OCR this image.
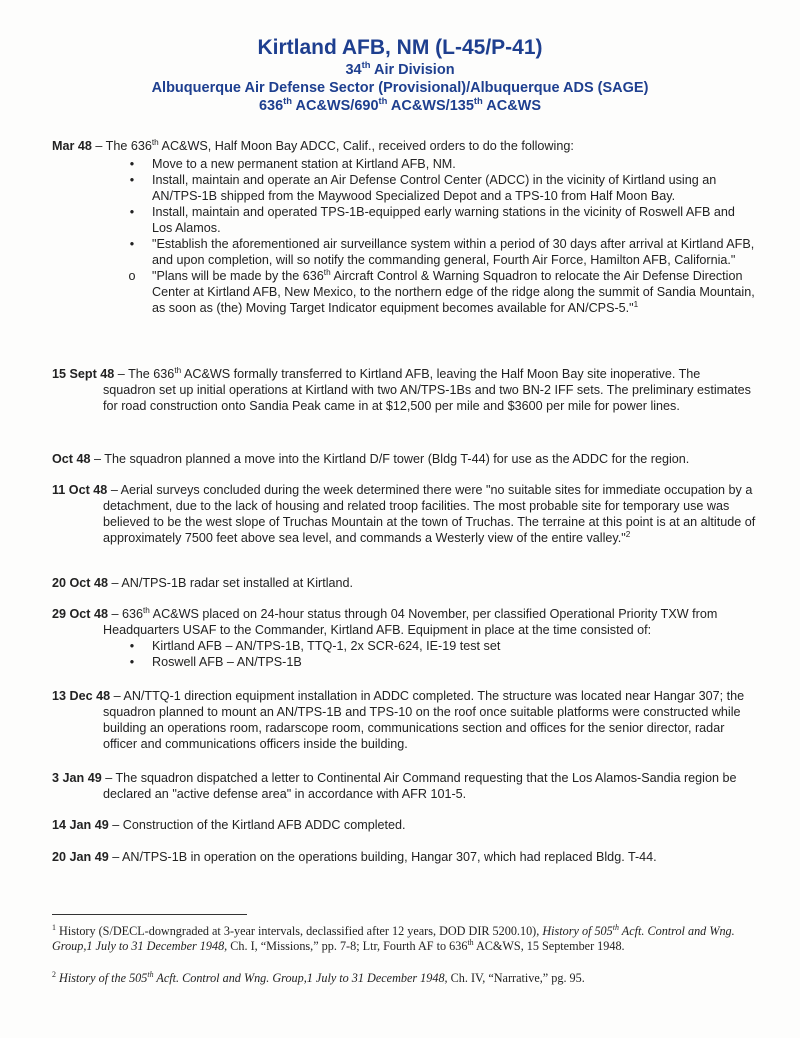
Kirtland AFB, NM (L-45/P-41)
34th Air Division
Albuquerque Air Defense Sector (Provisional)/Albuquerque ADS (SAGE)
636th AC&WS/690th AC&WS/135th AC&WS

Mar 48 – The 636th AC&WS, Half Moon Bay ADCC, Calif., received orders to do the following:

•	Move to a new permanent station at Kirtland AFB, NM.
•	Install, maintain and operate an Air Defense Control Center (ADCC) in the vicinity of Kirtland using an AN/TPS-1B shipped from the Maywood Specialized Depot and a TPS-10 from Half Moon Bay.
•	Install, maintain and operated TPS-1B-equipped early warning stations in the vicinity of Roswell AFB and Los Alamos.
•	"Establish the aforementioned air surveillance system within a period of 30 days after arrival at Kirtland AFB, and upon completion, will so notify the commanding general, Fourth Air Force, Hamilton AFB, California."
o "Plans will be made by the 636th Aircraft Control & Warning Squadron to relocate the Air Defense Direction Center at Kirtland AFB, New Mexico, to the northern edge of the ridge along the summit of Sandia Mountain, as soon as (the) Moving Target Indicator equipment becomes available for AN/CPS-5."$^1$

15 Sept 48 – The 636th AC&WS formally transferred to Kirtland AFB, leaving the Half Moon Bay site inoperative. The squadron set up initial operations at Kirtland with two AN/TPS-1Bs and two BN-2 IFF sets. The preliminary estimates for road construction onto Sandia Peak came in at $12,500 per mile and $3600 per mile for power lines.

Oct 48 – The squadron planned a move into the Kirtland D/F tower (Bldg T-44) for use as the ADDC for the region.

11 Oct 48 – Aerial surveys concluded during the week determined there were "no suitable sites for immediate occupation by a detachment, due to the lack of housing and related troop facilities. The most probable site for temporary use was believed to be the west slope of Truchas Mountain at the town of Truchas. The terraine at this point is at an altitude of approximately 7500 feet above sea level, and commands a Westerly view of the entire valley."$^2$

20 Oct 48 – AN/TPS-1B radar set installed at Kirtland.

29 Oct 48 – 636th AC&WS placed on 24-hour status through 04 November, per classified Operational Priority TXW from Headquarters USAF to the Commander, Kirtland AFB. Equipment in place at the time consisted of:

•	Kirtland AFB – AN/TPS-1B, TTQ-1, 2x SCR-624, IE-19 test set
•	Roswell AFB – AN/TPS-1B

13 Dec 48 – AN/TTQ-1 direction equipment installation in ADDC completed. The structure was located near Hangar 307; the squadron planned to mount an AN/TPS-1B and TPS-10 on the roof once suitable platforms were constructed while building an operations room, radarscope room, communications section and offices for the senior director, radar officer and communications officers inside the building.

3 Jan 49 – The squadron dispatched a letter to Continental Air Command requesting that the Los Alamos-Sandia region be declared an "active defense area" in accordance with AFR 101-5.

14 Jan 49 – Construction of the Kirtland AFB ADDC completed.

20 Jan 49 – AN/TPS-1B in operation on the operations building, Hangar 307, which had replaced Bldg. T-44.

$^1$ History (S/DECL-downgraded at 3-year intervals, declassified after 12 years, DOD DIR 5200.10), History of 505th Acft. Control and Wng. Group,1 July to 31 December 1948, Ch. I, “Missions,” pp. 7-8; Ltr, Fourth AF to 636th AC&WS, 15 September 1948.

$^2$ History of the 505th Acft. Control and Wng. Group,1 July to 31 December 1948, Ch. IV, “Narrative,” pg. 95.
